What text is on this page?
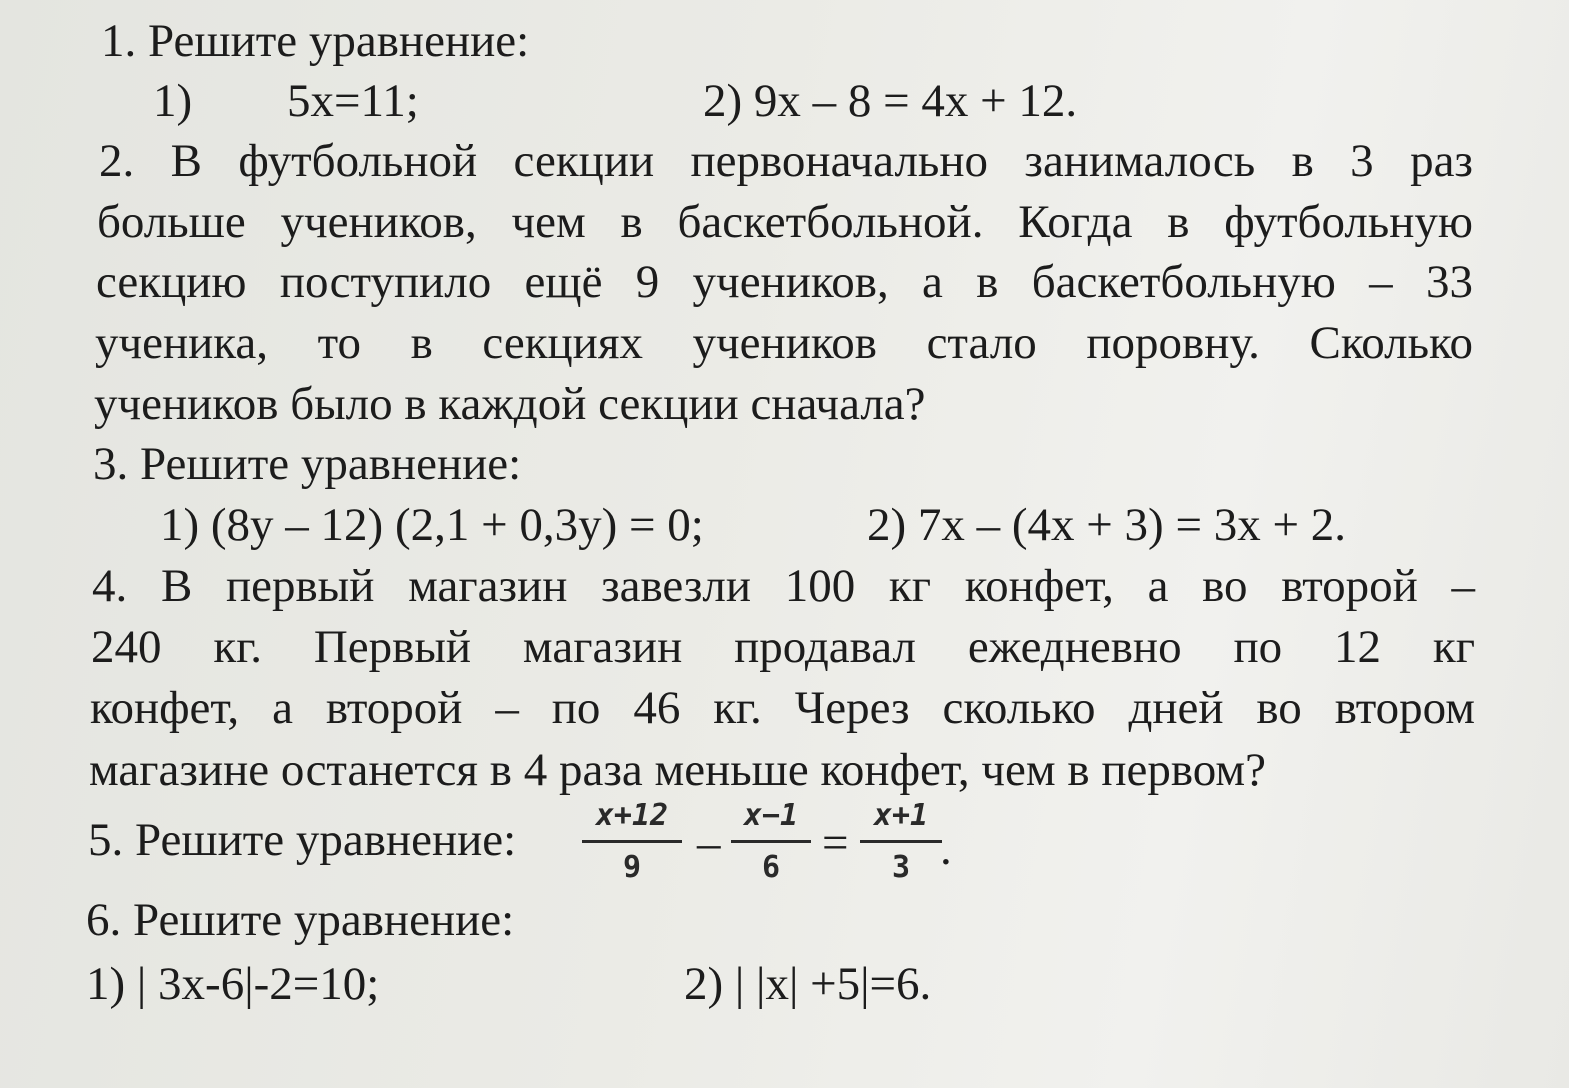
1. Решите уравнение:
1) 5x=11;	2) 9x – 8 = 4x + 12.
2. В футбольной секции первоначально занималось в 3 раз
больше учеников, чем в баскетбольной. Когда в футбольную
секцию поступило ещё 9 учеников, а в баскетбольную – 33
ученика, то в секциях учеников стало поровну. Сколько
учеников было в каждой секции сначала?
3. Решите уравнение:
1) (8y – 12) (2,1 + 0,3y) = 0;	2) 7x – (4x + 3) = 3x + 2.
4. В первый магазин завезли 100 кг конфет, а во второй –
240 кг. Первый магазин продавал ежедневно по 12 кг
конфет, а второй – по 46 кг. Через сколько дней во втором
магазине останется в 4 раза меньше конфет, чем в первом?
5. Решите уравнение:	x+12
9 –
x−1
6 =
x+1
3 .
6. Решите уравнение:
1) | 3x-6|-2=10;	2) | |x| +5|=6.
